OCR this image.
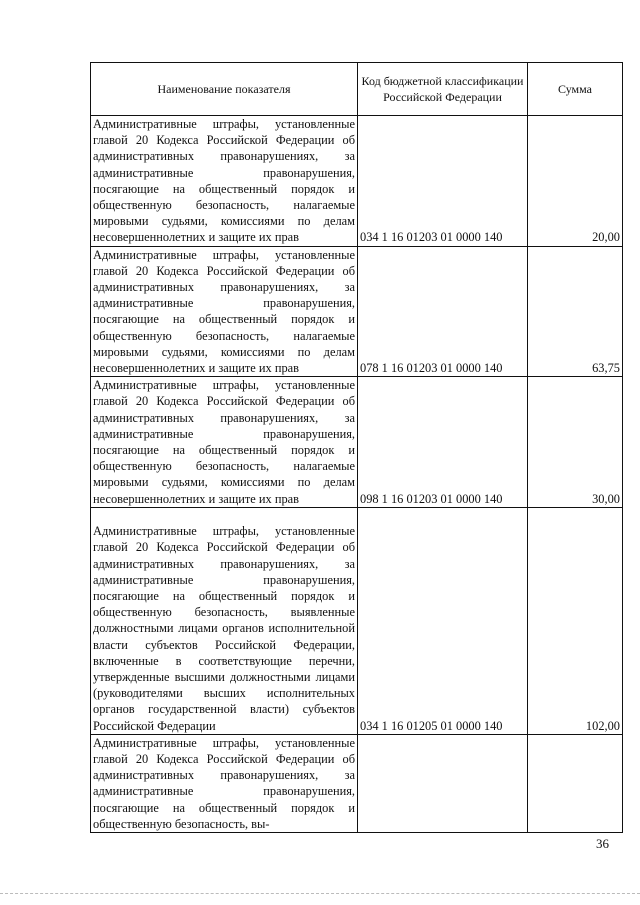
Наименование показателя	Код бюджетной классификации Российской Федерации	Сумма
Административные штрафы, установленные главой 20 Кодекса Российской Федерации об административных правонарушениях, за административные правонарушения, посягающие на общественный порядок и общественную безопасность, налагаемые мировыми судьями, комиссиями по делам несовершеннолетних и защите их прав	034 1 16 01203 01 0000 140	20,00
Административные штрафы, установленные главой 20 Кодекса Российской Федерации об административных правонарушениях, за административные правонарушения, посягающие на общественный порядок и общественную безопасность, налагаемые мировыми судьями, комиссиями по делам несовершеннолетних и защите их прав	078 1 16 01203 01 0000 140	63,75
Административные штрафы, установленные главой 20 Кодекса Российской Федерации об административных правонарушениях, за административные правонарушения, посягающие на общественный порядок и общественную безопасность, налагаемые мировыми судьями, комиссиями по делам несовершеннолетних и защите их прав	098 1 16 01203 01 0000 140	30,00
Административные штрафы, установленные главой 20 Кодекса Российской Федерации об административных правонарушениях, за административные правонарушения, посягающие на общественный порядок и общественную безопасность, выявленные должностными лицами органов исполнительной власти субъектов Российской Федерации, включенные в соответствующие перечни, утвержденные высшими должностными лицами (руководителями высших исполнительных органов государственной власти) субъектов Российской Федерации	034 1 16 01205 01 0000 140	102,00
Административные штрафы, установленные главой 20 Кодекса Российской Федерации об административных правонарушениях, за административные правонарушения, посягающие на общественный порядок и общественную безопасность, вы-		
36
